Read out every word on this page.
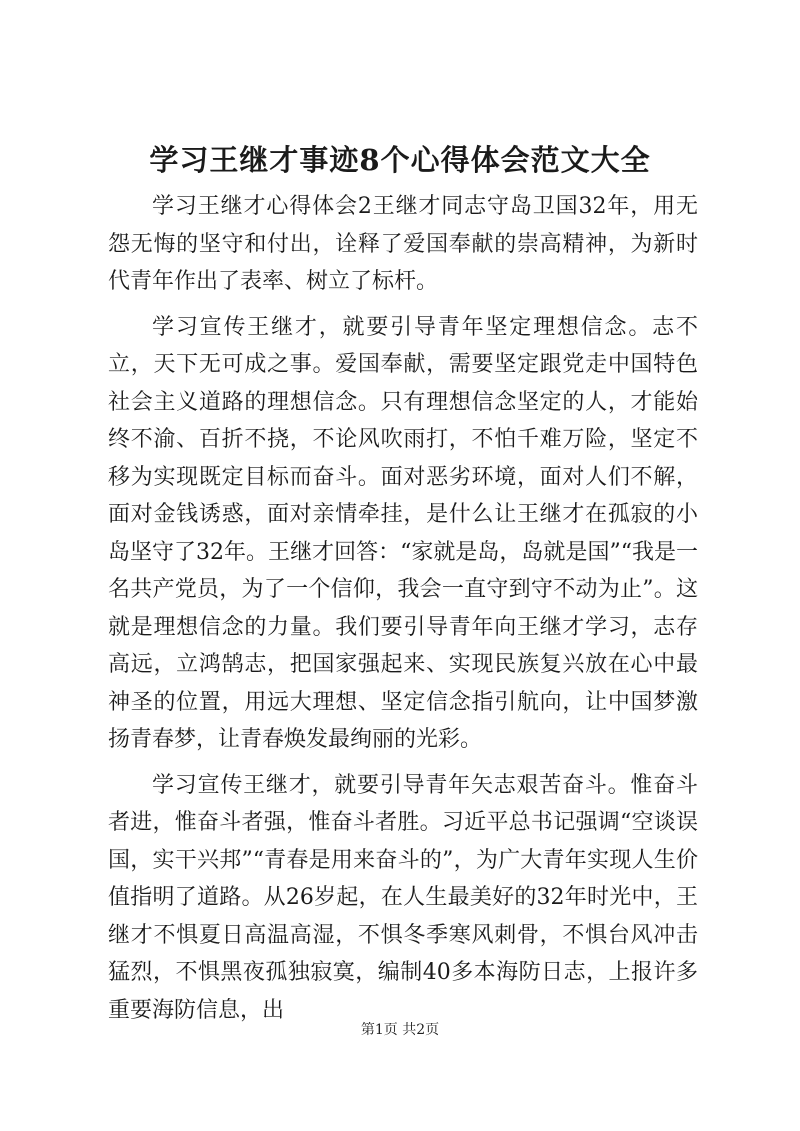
学习王继才事迹8个心得体会范文大全

学习王继才心得体会2王继才同志守岛卫国32年，用无怨无悔的坚守和付出，诠释了爱国奉献的崇高精神，为新时代青年作出了表率、树立了标杆。

学习宣传王继才，就要引导青年坚定理想信念。志不立，天下无可成之事。爱国奉献，需要坚定跟党走中国特色社会主义道路的理想信念。只有理想信念坚定的人，才能始终不渝、百折不挠，不论风吹雨打，不怕千难万险，坚定不移为实现既定目标而奋斗。面对恶劣环境，面对人们不解，面对金钱诱惑，面对亲情牵挂，是什么让王继才在孤寂的小岛坚守了32年。王继才回答：“家就是岛，岛就是国”“我是一名共产党员，为了一个信仰，我会一直守到守不动为止”。这就是理想信念的力量。我们要引导青年向王继才学习，志存高远，立鸿鹄志，把国家强起来、实现民族复兴放在心中最神圣的位置，用远大理想、坚定信念指引航向，让中国梦激扬青春梦，让青春焕发最绚丽的光彩。

学习宣传王继才，就要引导青年矢志艰苦奋斗。惟奋斗者进，惟奋斗者强，惟奋斗者胜。习近平总书记强调“空谈误国，实干兴邦”“青春是用来奋斗的”，为广大青年实现人生价值指明了道路。从26岁起，在人生最美好的32年时光中，王继才不惧夏日高温高湿，不惧冬季寒风刺骨，不惧台风冲击猛烈，不惧黑夜孤独寂寞，编制40多本海防日志，上报许多重要海防信息，出

第1页 共2页
